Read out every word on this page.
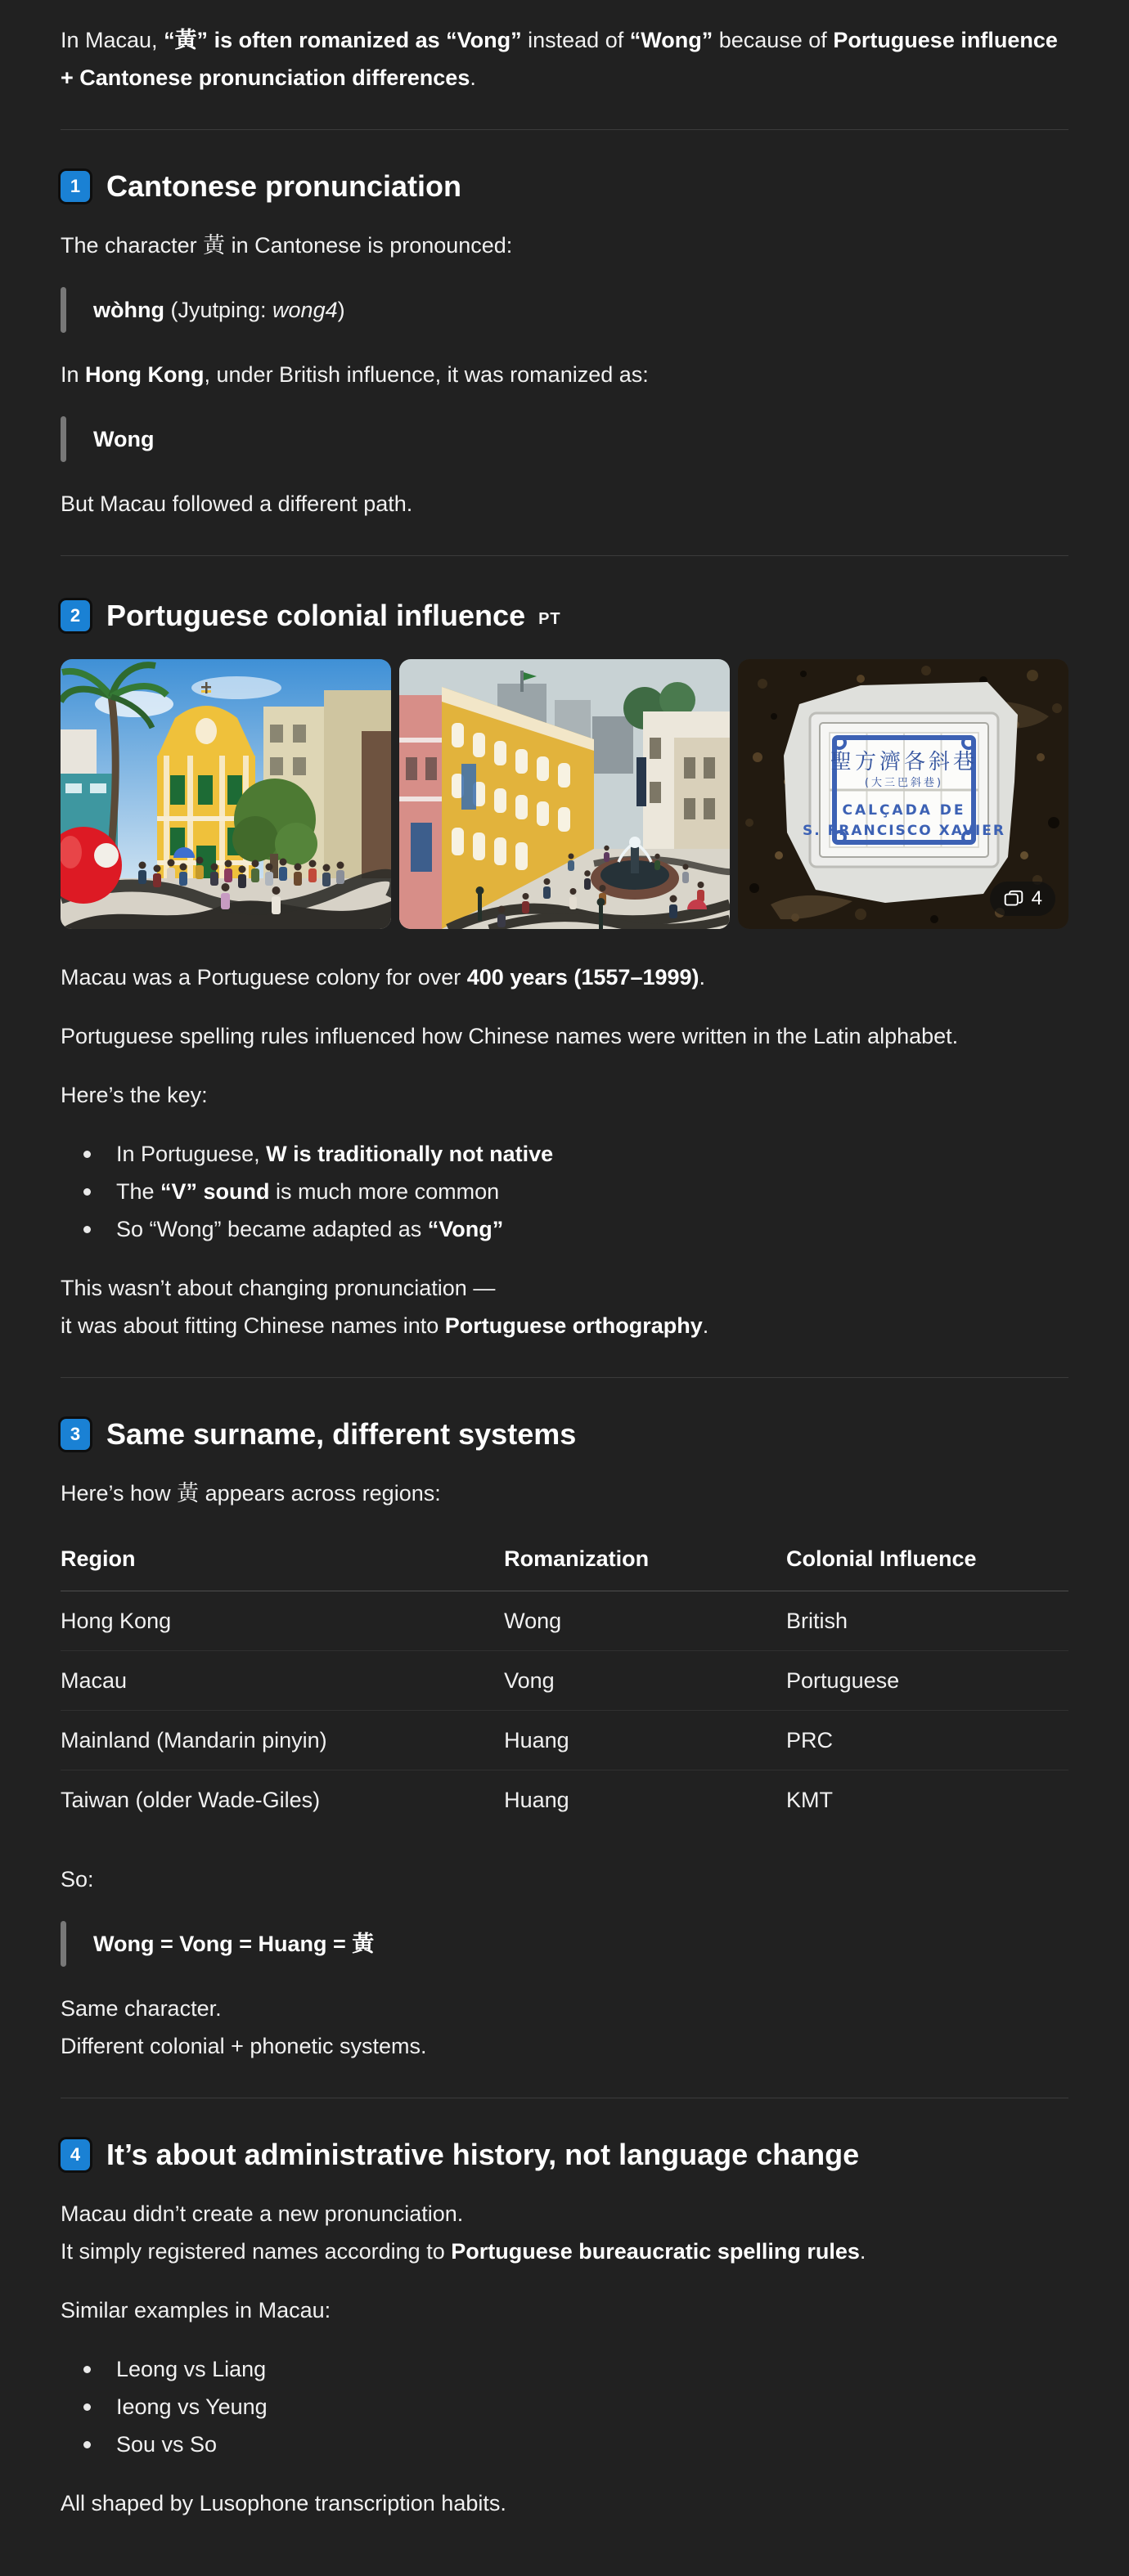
In Macau, “黃” is often romanized as “Vong” instead of “Wong” because of Portuguese influence + Cantonese pronunciation differences.

1 Cantonese pronunciation

The character 黃 in Cantonese is pronounced:

wòhng (Jyutping: wong4)

In Hong Kong, under British influence, it was romanized as:

Wong

But Macau followed a different path.

2 Portuguese colonial influence PT
聖方濟各斜巷
(大三巴斜巷)
CALÇADA DE
S. FRANCISCO XAVIER
4

Macau was a Portuguese colony for over 400 years (1557–1999).

Portuguese spelling rules influenced how Chinese names were written in the Latin alphabet.

Here’s the key:

In Portuguese, W is traditionally not native
The “V” sound is much more common
So “Wong” became adapted as “Vong”

This wasn’t about changing pronunciation —
it was about fitting Chinese names into Portuguese orthography.

3 Same surname, different systems

Here’s how 黃 appears across regions:

Region	Romanization	Colonial Influence
Hong Kong	Wong	British
Macau	Vong	Portuguese
Mainland (Mandarin pinyin)	Huang	PRC
Taiwan (older Wade-Giles)	Huang	KMT

So:

Wong = Vong = Huang = 黃

Same character.
Different colonial + phonetic systems.

4 It’s about administrative history, not language change

Macau didn’t create a new pronunciation.
It simply registered names according to Portuguese bureaucratic spelling rules.

Similar examples in Macau:

Leong vs Liang
Ieong vs Yeung
Sou vs So

All shaped by Lusophone transcription habits.
